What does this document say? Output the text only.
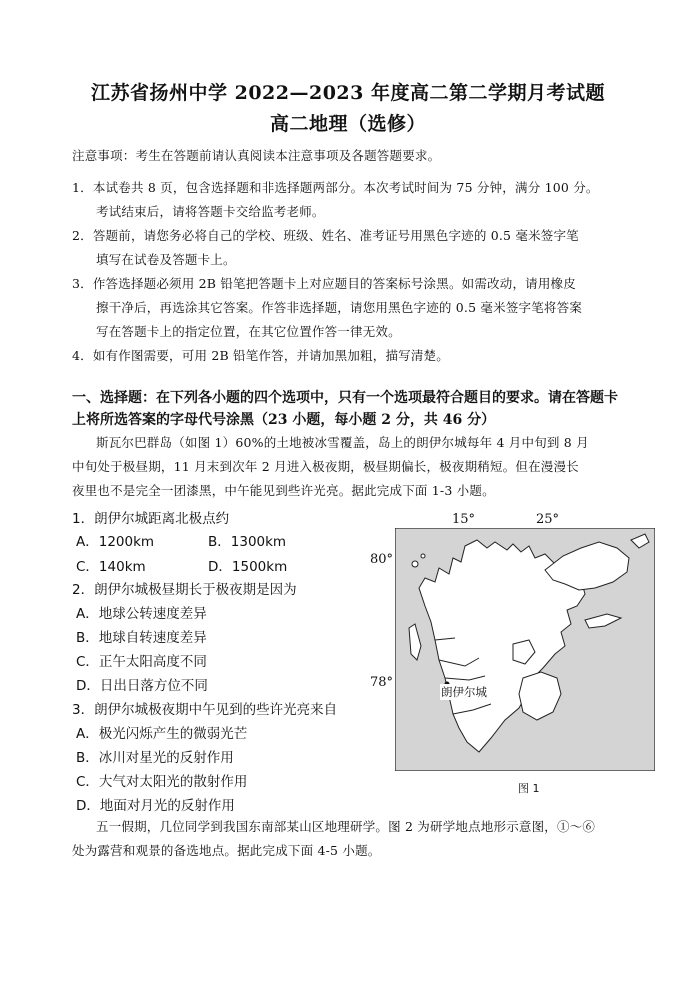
江苏省扬州中学 2022—2023 年度高二第二学期月考试题
高二地理（选修）
注意事项：考生在答题前请认真阅读本注意事项及各题答题要求。
1．本试卷共 8 页，包含选择题和非选择题两部分。本次考试时间为 75 分钟，满分 100 分。
考试结束后，请将答题卡交给监考老师。
2．答题前，请您务必将自己的学校、班级、姓名、准考证号用黑色字迹的 0.5 毫米签字笔
填写在试卷及答题卡上。
3．作答选择题必须用 2B 铅笔把答题卡上对应题目的答案标号涂黑。如需改动，请用橡皮
擦干净后，再选涂其它答案。作答非选择题，请您用黑色字迹的 0.5 毫米签字笔将答案
写在答题卡上的指定位置，在其它位置作答一律无效。
4．如有作图需要，可用 2B 铅笔作答，并请加黑加粗，描写清楚。
一、选择题：在下列各小题的四个选项中，只有一个选项最符合题目的要求。请在答题卡
上将所选答案的字母代号涂黑（23 小题，每小题 2 分，共 46 分）
斯瓦尔巴群岛（如图 1）60%的土地被冰雪覆盖，岛上的朗伊尔城每年 4 月中旬到 8 月
中旬处于极昼期，11 月末到次年 2 月进入极夜期，极昼期偏长，极夜期稍短。但在漫漫长
夜里也不是完全一团漆黑，中午能见到些许光亮。据此完成下面 1-3 小题。
1．朗伊尔城距离北极点约
A．1200km	B．1300km
C．140km	D．1500km
2．朗伊尔城极昼期长于极夜期是因为
A．地球公转速度差异
B．地球自转速度差异
C．正午太阳高度不同
D．日出日落方位不同
3．朗伊尔城极夜期中午见到的些许光亮来自
A．极光闪烁产生的微弱光芒
B．冰川对星光的反射作用
C．大气对太阳光的散射作用
D．地面对月光的反射作用
15°	25°
80°
78°
朗伊尔城
图 1
五一假期，几位同学到我国东南部某山区地理研学。图 2 为研学地点地形示意图，①～⑥
处为露营和观景的备选地点。据此完成下面 4-5 小题。
